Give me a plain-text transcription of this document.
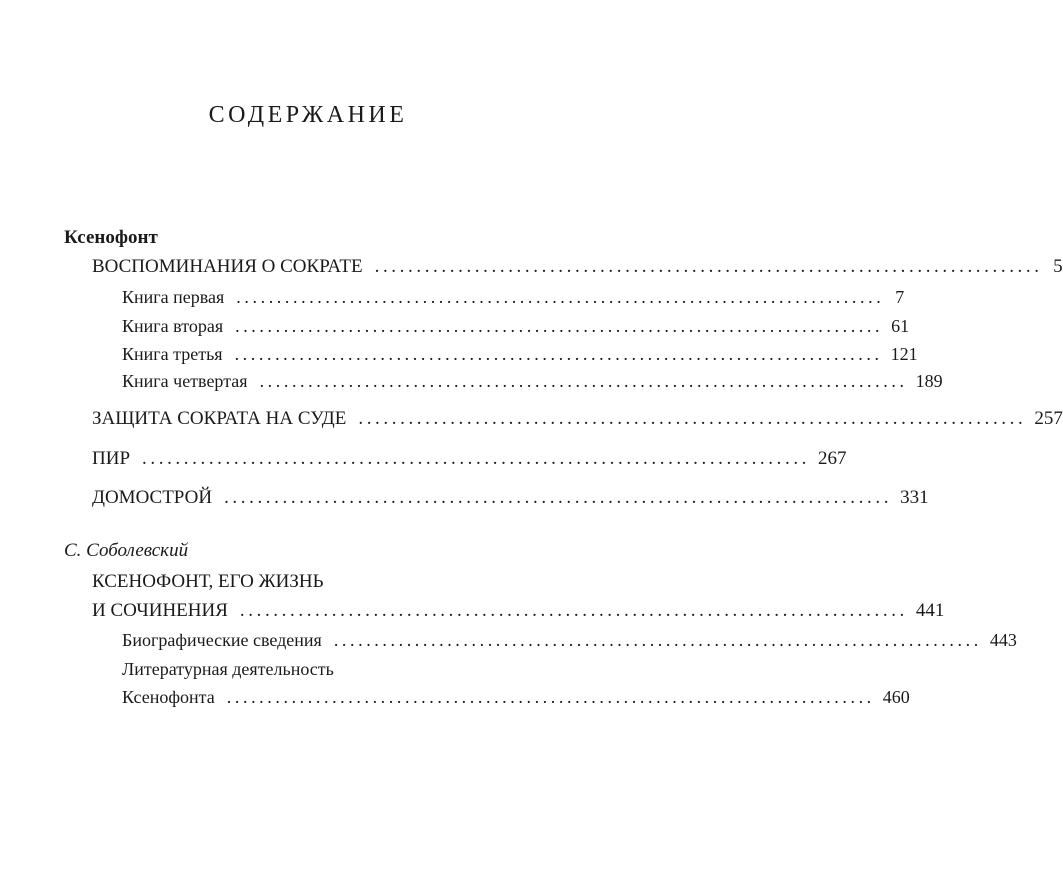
СОДЕРЖАНИЕ
Ксенофонт
ВОСПОМИНАНИЯ О СОКРАТЕ ................................................................................ 5
Книга первая ................................................................................ 7
Книга вторая ................................................................................ 61
Книга третья ................................................................................ 121
Книга четвертая ................................................................................ 189
ЗАЩИТА СОКРАТА НА СУДЕ ................................................................................ 257
ПИР ................................................................................ 267
ДОМОСТРОЙ ................................................................................ 331
С. Соболевский
КСЕНОФОНТ, ЕГО ЖИЗНЬ
И СОЧИНЕНИЯ ................................................................................ 441
Биографические сведения ................................................................................ 443
Литературная деятельность
Ксенофонта ................................................................................ 460
